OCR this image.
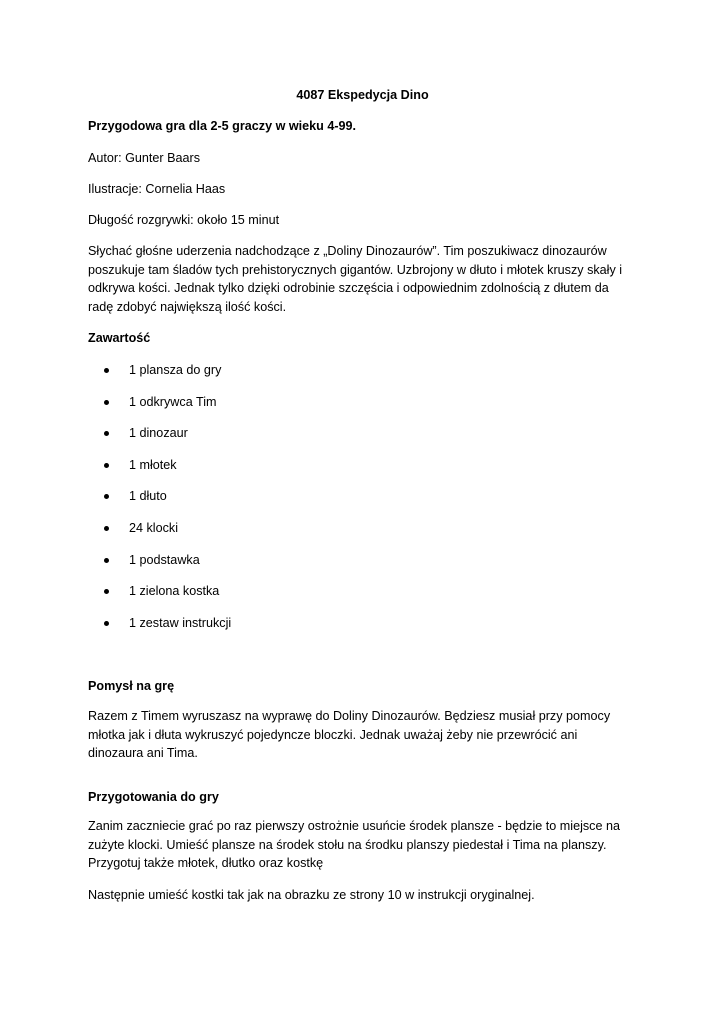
4087 Ekspedycja Dino
Przygodowa gra dla 2-5 graczy w wieku 4-99.
Autor: Gunter Baars
Ilustracje: Cornelia Haas
Długość rozgrywki: około 15 minut
Słychać głośne uderzenia nadchodzące z „Doliny Dinozaurów”. Tim poszukiwacz dinozaurów poszukuje tam śladów tych prehistorycznych gigantów. Uzbrojony w dłuto i młotek kruszy skały i odkrywa kości. Jednak tylko dzięki odrobinie szczęścia i odpowiednim zdolnością z dłutem da radę zdobyć największą ilość kości.
Zawartość
1 plansza do gry
1 odkrywca Tim
1 dinozaur
1 młotek
1 dłuto
24 klocki
1 podstawka
1 zielona kostka
1 zestaw instrukcji
Pomysł na grę
Razem z Timem wyruszasz na wyprawę do Doliny Dinozaurów. Będziesz musiał przy pomocy młotka jak i dłuta wykruszyć pojedyncze bloczki. Jednak uważaj żeby nie przewrócić ani dinozaura ani Tima.
Przygotowania do gry
Zanim zaczniecie grać po raz pierwszy ostrożnie usuńcie środek plansze - będzie to miejsce na zużyte klocki. Umieść plansze na środek stołu na środku planszy piedestał i Tima na planszy. Przygotuj także młotek, dłutko oraz kostkę
Następnie umieść kostki tak jak na obrazku ze strony 10 w instrukcji oryginalnej.
